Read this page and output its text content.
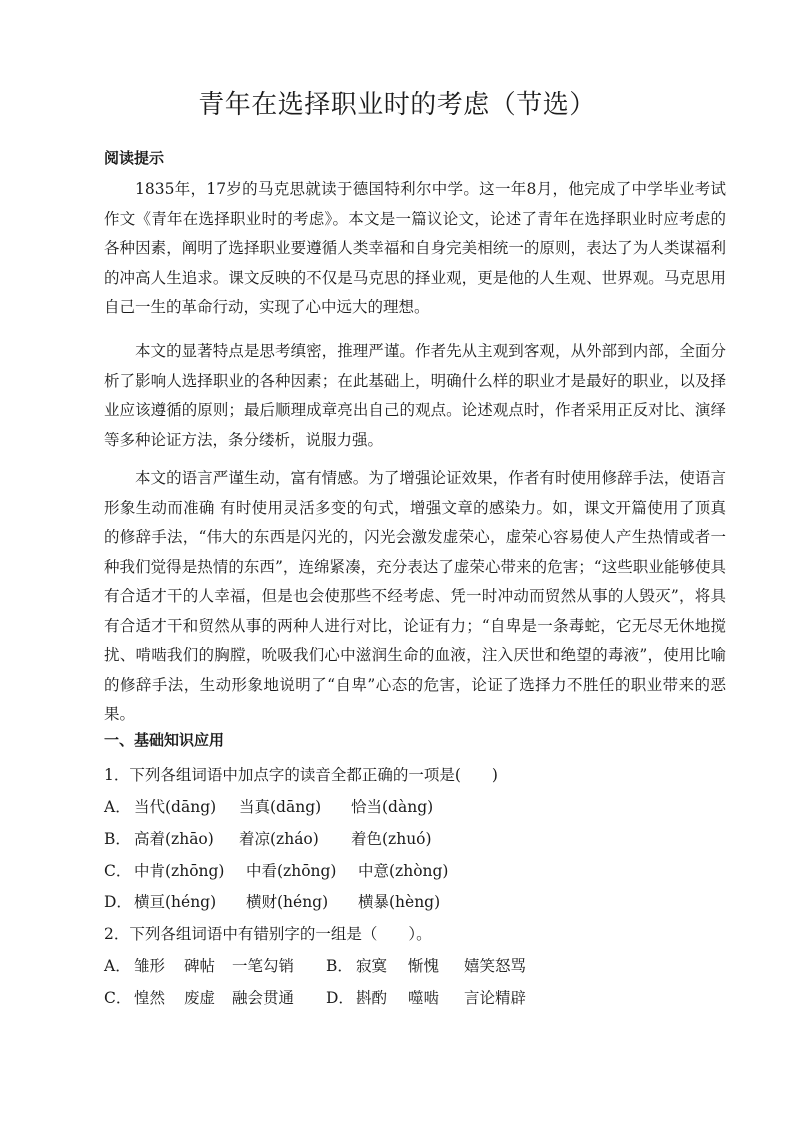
青年在选择职业时的考虑（节选）
阅读提示

1835年，17岁的马克思就读于德国特利尔中学。这一年8月，他完成了中学毕业考试作文《青年在选择职业时的考虑》。本文是一篇议论文，论述了青年在选择职业时应考虑的各种因素，阐明了选择职业要遵循人类幸福和自身完美相统一的原则，表达了为人类谋福利的冲高人生追求。课文反映的不仅是马克思的择业观，更是他的人生观、世界观。马克思用自己一生的革命行动，实现了心中远大的理想。

本文的显著特点是思考缜密，推理严谨。作者先从主观到客观，从外部到内部，全面分析了影响人选择职业的各种因素；在此基础上，明确什么样的职业才是最好的职业，以及择业应该遵循的原则；最后顺理成章亮出自己的观点。论述观点时，作者采用正反对比、演绎等多种论证方法，条分缕析，说服力强。

本文的语言严谨生动，富有情感。为了增强论证效果，作者有时使用修辞手法，使语言形象生动而准确 有时使用灵活多变的句式，增强文章的感染力。如，课文开篇使用了顶真的修辞手法，“伟大的东西是闪光的，闪光会激发虚荣心，虚荣心容易使人产生热情或者一种我们觉得是热情的东西”，连绵紧凑，充分表达了虚荣心带来的危害；“这些职业能够使具有合适才干的人幸福，但是也会使那些不经考虑、凭一时冲动而贸然从事的人毁灭”，将具有合适才干和贸然从事的两种人进行对比，论证有力；“自卑是一条毒蛇，它无尽无休地搅扰、啃啮我们的胸膛，吮吸我们心中滋润生命的血液，注入厌世和绝望的毒液”，使用比喻的修辞手法，生动形象地说明了“自卑”心态的危害，论证了选择力不胜任的职业带来的恶果。

一、基础知识应用
1．下列各组词语中加点字的读音全都正确的一项是(　　)
A． 当代(dāng) 当真(dāng) 恰当(dàng)
B． 高着(zhāo) 着凉(zháo) 着色(zhuó)
C． 中肯(zhōng) 中看(zhōng) 中意(zhòng)
D． 横亘(héng) 横财(héng) 横暴(hèng)
2．下列各组词语中有错别字的一组是（　　）。
A． 雏形 碑帖 一笔勾销 B． 寂寞 惭愧 嬉笑怒骂
C． 惶然 废虚 融会贯通 D． 斟酌 噬啮 言论精辟
